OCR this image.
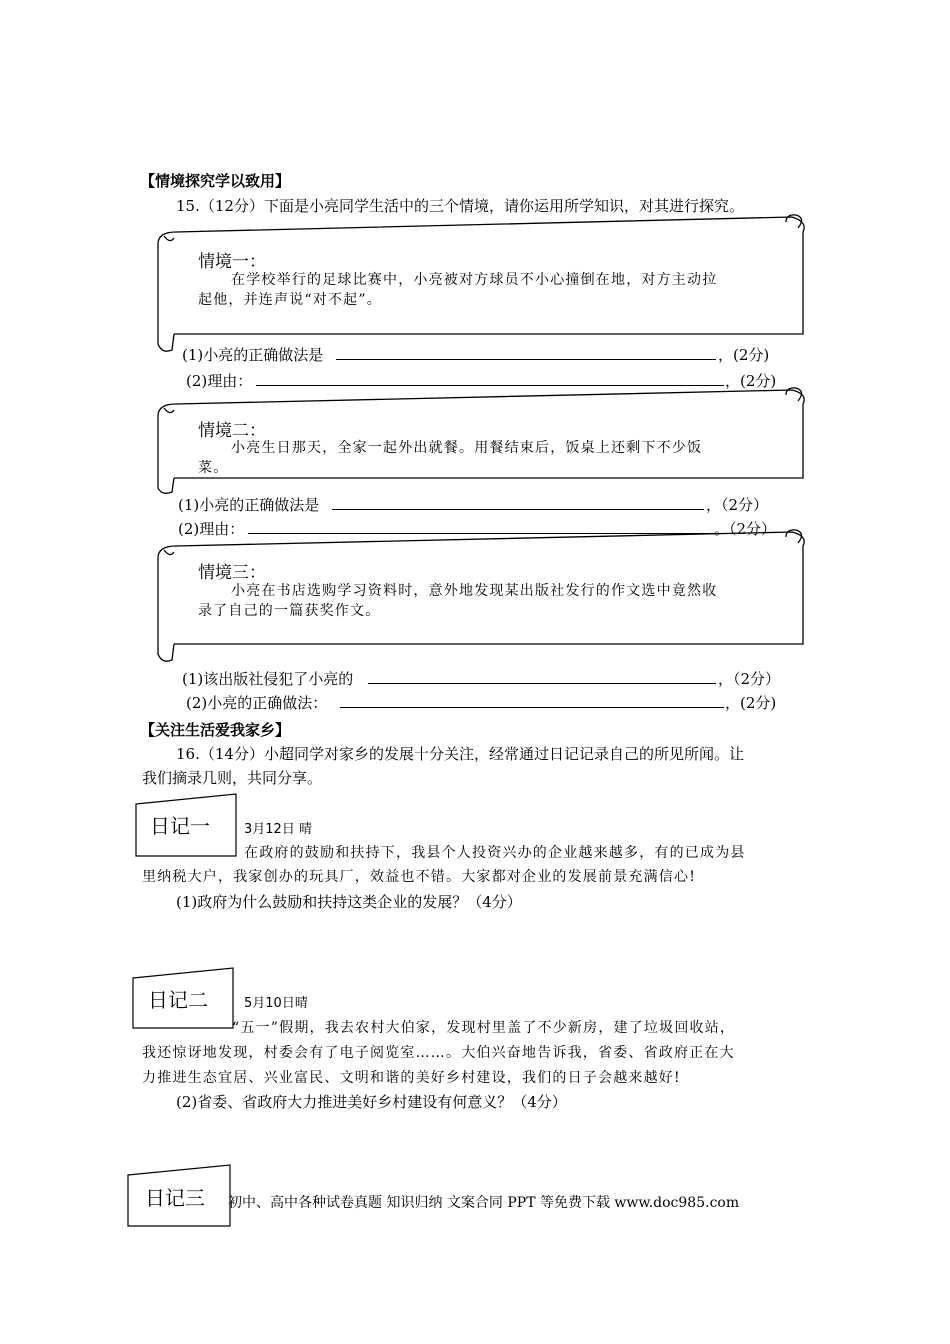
【情境探究学以致用】
15.（12分）下面是小亮同学生活中的三个情境，请你运用所学知识，对其进行探究。
情境一：
在学校举行的足球比赛中，小亮被对方球员不小心撞倒在地，对方主动拉
起他，并连声说“对不起”。
(1)小亮的正确做法是	，(2分)
(2)理由：	，(2分)
情境二：
小亮生日那天，全家一起外出就餐。用餐结束后，饭桌上还剩下不少饭
菜。
(1)小亮的正确做法是	，（2分）
(2)理由：	。（2分）
情境三：
小亮在书店选购学习资料时，意外地发现某出版社发行的作文选中竟然收
录了自己的一篇获奖作文。
(1)该出版社侵犯了小亮的	，（2分）
(2)小亮的正确做法：	，(2分)
【关注生活爱我家乡】
16.（14分）小超同学对家乡的发展十分关注，经常通过日记记录自己的所见所闻。让
我们摘录几则，共同分享。
日记一	3月12日 晴
在政府的鼓励和扶持下，我县个人投资兴办的企业越来越多，有的已成为县
里纳税大户，我家创办的玩具厂，效益也不错。大家都对企业的发展前景充满信心!
(1)政府为什么鼓励和扶持这类企业的发展？（4分）
日记二	5月10日晴
“五一”假期，我去农村大伯家，发现村里盖了不少新房，建了垃圾回收站，
我还惊讶地发现，村委会有了电子阅览室……。大伯兴奋地告诉我，省委、省政府正在大
力推进生态宜居、兴业富民、文明和谐的美好乡村建设，我们的日子会越来越好!
(2)省委、省政府大力推进美好乡村建设有何意义？（4分）
日记三 初中、高中各种试卷真题 知识归纳 文案合同 PPT 等免费下载 www.doc985.com
